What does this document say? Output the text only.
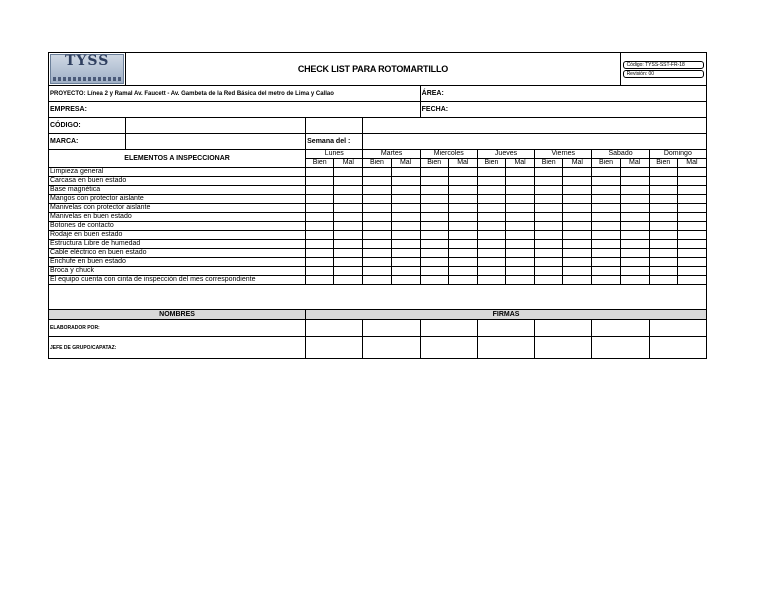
TYSS	CHECK LIST PARA ROTOMARTILLO												Código: TYSS-SST-FR-18
Revisión: 00		

PROYECTO: Línea 2 y Ramal Av. Faucett - Av. Gambeta de la Red Básica del metro de Lima y Callao						ÁREA:									
EMPRESA:						FECHA:									
CÓDIGO:															
MARCA:		Semana del :													
ELEMENTOS A INSPECCIONAR		Lunes		Martes		Miercoles		Jueves		Viernes		Sabado		Domingo	
		Bien	Mal	Bien	Mal	Bien	Mal	Bien	Mal	Bien	Mal	Bien	Mal	Bien	Mal
Limpieza general															
Carcasa en buen estado															
Base magnética															
Mangos con protector aislante															
Manivelas con protector aislante															
Manivelas en buen estado															
Botones de contacto															
Rodaje en buen estado															
Estructura Libre de humedad															
Cable eléctrico en buen estado															
Enchufe en buen estado															
Broca y chuck															
El equipo cuenta con cinta de inspección del mes correspondiente															

NOMBRES		FIRMAS													
ELABORADOR POR:															
JEFE DE GRUPO/CAPATAZ:															
